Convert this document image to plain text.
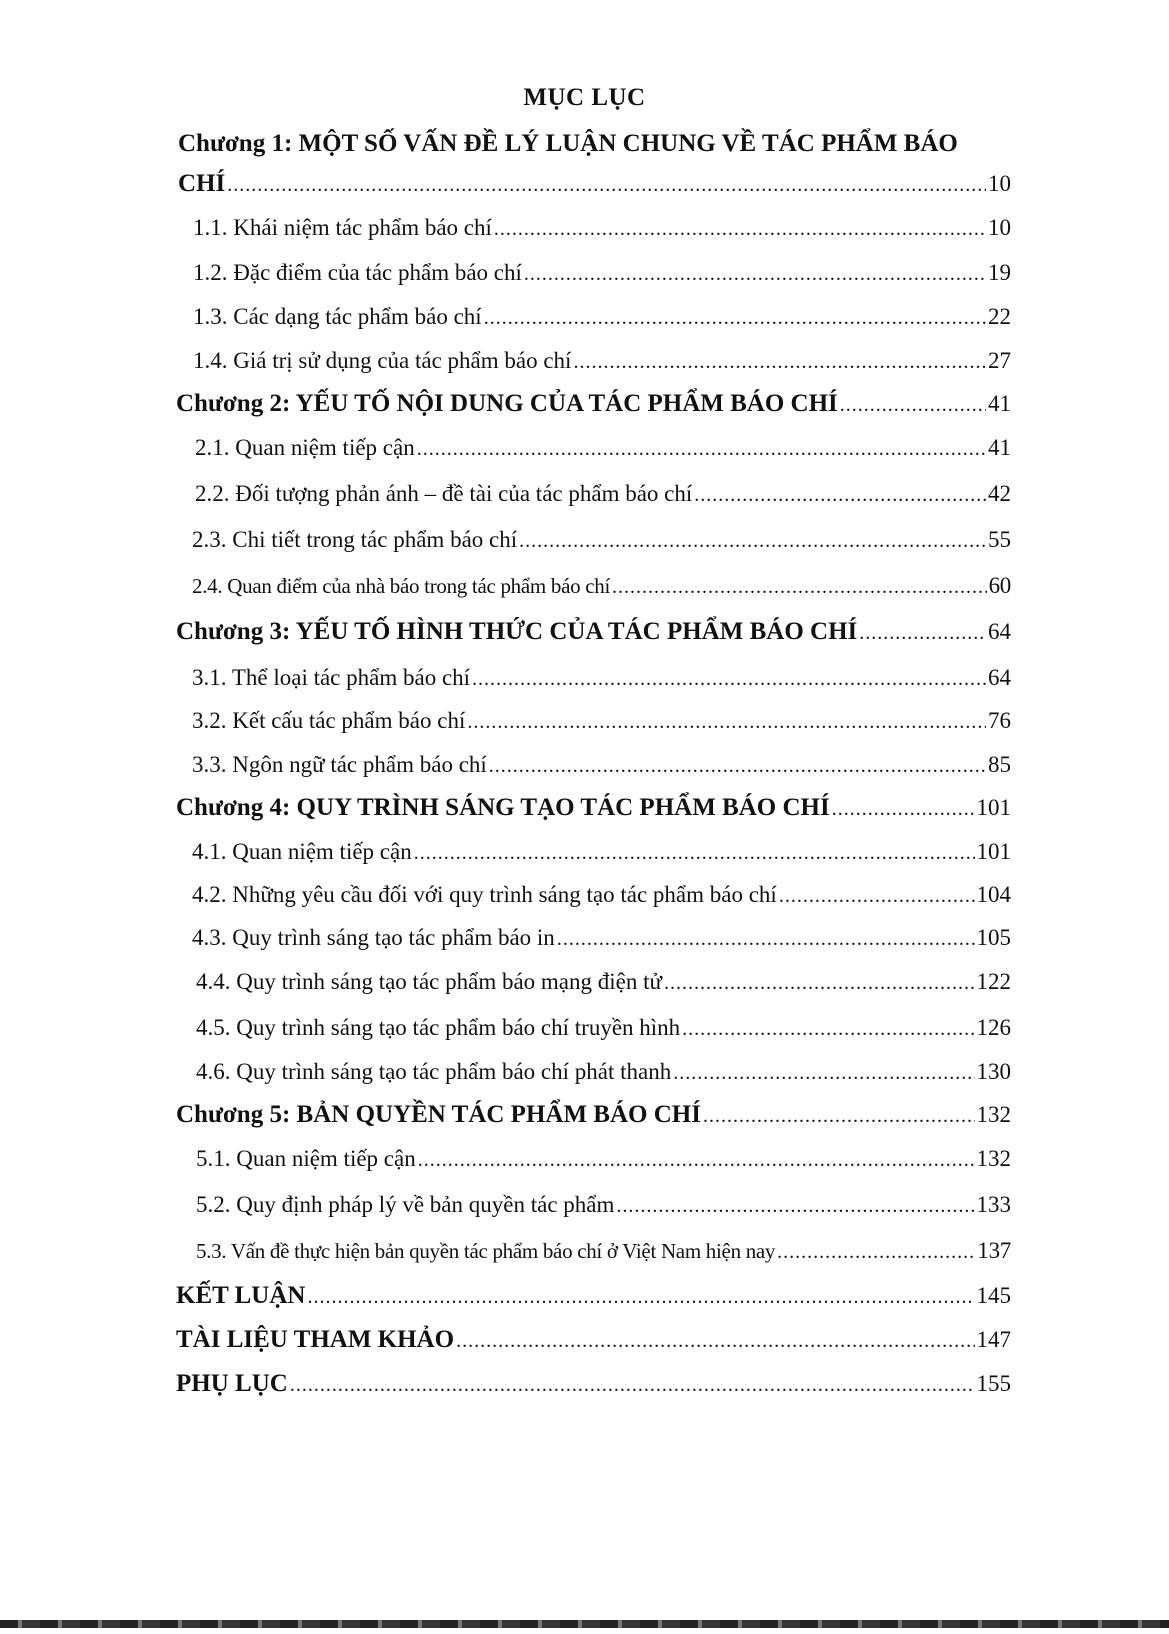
MỤC LỤC
Chương 1: MỘT SỐ VẤN ĐỀ LÝ LUẬN CHUNG VỀ TÁC PHẨM BÁO
CHÍ .....	10
1.1. Khái niệm tác phẩm báo chí .....	10
1.2. Đặc điểm của tác phẩm báo chí .....	19
1.3. Các dạng tác phẩm báo chí .....	22
1.4. Giá trị sử dụng của tác phẩm báo chí .....	27
Chương 2: YẾU TỐ NỘI DUNG CỦA TÁC PHẨM BÁO CHÍ .....	41
2.1. Quan niệm tiếp cận .....	41
2.2. Đối tượng phản ánh – đề tài của tác phẩm báo chí .....	42
2.3. Chi tiết trong tác phẩm báo chí .....	55
2.4. Quan điểm của nhà báo trong tác phẩm báo chí .....	60
Chương 3: YẾU TỐ HÌNH THỨC CỦA TÁC PHẨM BÁO CHÍ .....	64
3.1. Thể loại tác phẩm báo chí .....	64
3.2. Kết cấu tác phẩm báo chí .....	76
3.3. Ngôn ngữ tác phẩm báo chí .....	85
Chương 4: QUY TRÌNH SÁNG TẠO TÁC PHẨM BÁO CHÍ .....	101
4.1. Quan niệm tiếp cận .....	101
4.2. Những yêu cầu đối với quy trình sáng tạo tác phẩm báo chí .....	104
4.3. Quy trình sáng tạo tác phẩm báo in .....	105
4.4. Quy trình sáng tạo tác phẩm báo mạng điện tử .....	122
4.5. Quy trình sáng tạo tác phẩm báo chí truyền hình .....	126
4.6. Quy trình sáng tạo tác phẩm báo chí phát thanh .....	130
Chương 5: BẢN QUYỀN TÁC PHẨM BÁO CHÍ .....	132
5.1. Quan niệm tiếp cận .....	132
5.2. Quy định pháp lý về bản quyền tác phẩm .....	133
5.3. Vấn đề thực hiện bản quyền tác phẩm báo chí ở Việt Nam hiện nay .....	137
KẾT LUẬN .....	145
TÀI LIỆU THAM KHẢO .....	147
PHỤ LỤC .....	155
